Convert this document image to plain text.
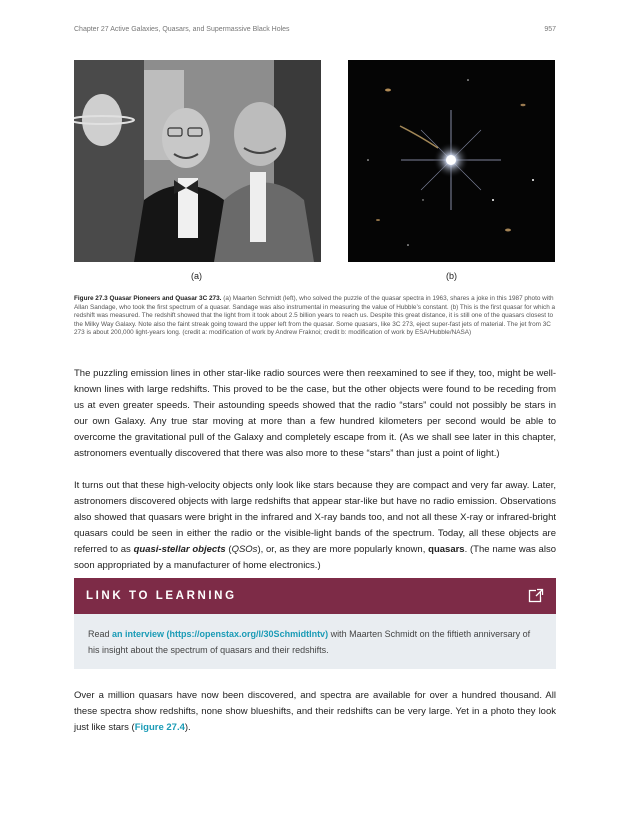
Chapter 27 Active Galaxies, Quasars, and Supermassive Black Holes	957
(a)	(b)
Figure 27.3 Quasar Pioneers and Quasar 3C 273. (a) Maarten Schmidt (left), who solved the puzzle of the quasar spectra in 1963, shares a joke in this 1987 photo with Allan Sandage, who took the first spectrum of a quasar. Sandage was also instrumental in measuring the value of Hubble’s constant. (b) This is the first quasar for which a redshift was measured. The redshift showed that the light from it took about 2.5 billion years to reach us. Despite this great distance, it is still one of the quasars closest to the Milky Way Galaxy. Note also the faint streak going toward the upper left from the quasar. Some quasars, like 3C 273, eject super-fast jets of material. The jet from 3C 273 is about 200,000 light-years long. (credit a: modification of work by Andrew Fraknoi; credit b: modification of work by ESA/Hubble/NASA)

The puzzling emission lines in other star-like radio sources were then reexamined to see if they, too, might be well-known lines with large redshifts. This proved to be the case, but the other objects were found to be receding from us at even greater speeds. Their astounding speeds showed that the radio “stars” could not possibly be stars in our own Galaxy. Any true star moving at more than a few hundred kilometers per second would be able to overcome the gravitational pull of the Galaxy and completely escape from it. (As we shall see later in this chapter, astronomers eventually discovered that there was also more to these “stars” than just a point of light.)

It turns out that these high-velocity objects only look like stars because they are compact and very far away. Later, astronomers discovered objects with large redshifts that appear star-like but have no radio emission. Observations also showed that quasars were bright in the infrared and X-ray bands too, and not all these X-ray or infrared-bright quasars could be seen in either the radio or the visible-light bands of the spectrum. Today, all these objects are referred to as quasi-stellar objects (QSOs), or, as they are more popularly known, quasars. (The name was also soon appropriated by a manufacturer of home electronics.)

LINK TO LEARNING
Read an interview (https://openstax.org/l/30SchmidtIntv) with Maarten Schmidt on the fiftieth anniversary of his insight about the spectrum of quasars and their redshifts.

Over a million quasars have now been discovered, and spectra are available for over a hundred thousand. All these spectra show redshifts, none show blueshifts, and their redshifts can be very large. Yet in a photo they look just like stars (Figure 27.4).
